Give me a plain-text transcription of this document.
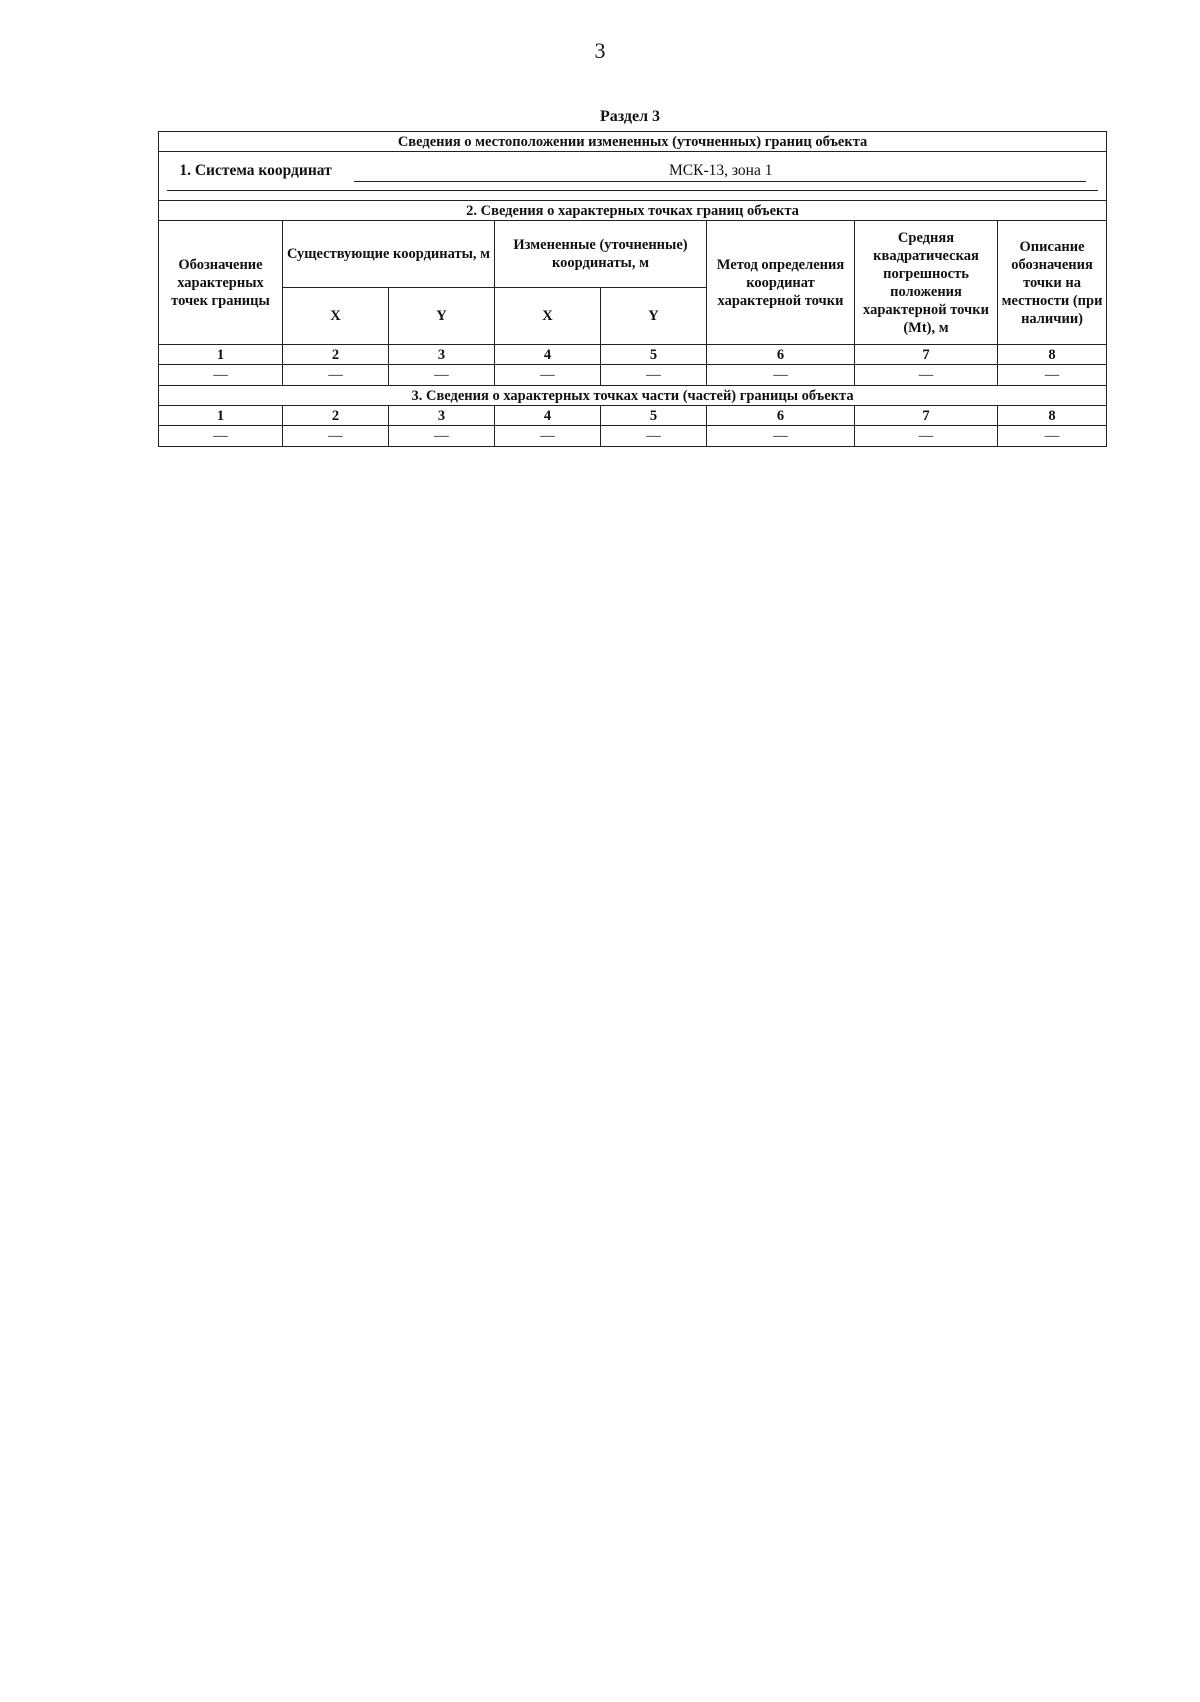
3
Раздел 3
Сведения о местоположении измененных (уточненных) границ объекта							
1. Система координат МСК-13, зона 1							

2. Сведения о характерных точках границ объекта							
Обозначение характерных точек границы	Существующие координаты, м		Измененные (уточненные) координаты, м		Метод определения координат характерной точки	Средняя квадратическая погрешность положения характерной точки (Mt), м	Описание обозначения точки на местности (при наличии)
	X	Y	X	Y			
1	2	3	4	5	6	7	8
—	—	—	—	—	—	—	—
3. Сведения о характерных точках части (частей) границы объекта							
1	2	3	4	5	6	7	8
—	—	—	—	—	—	—	—
